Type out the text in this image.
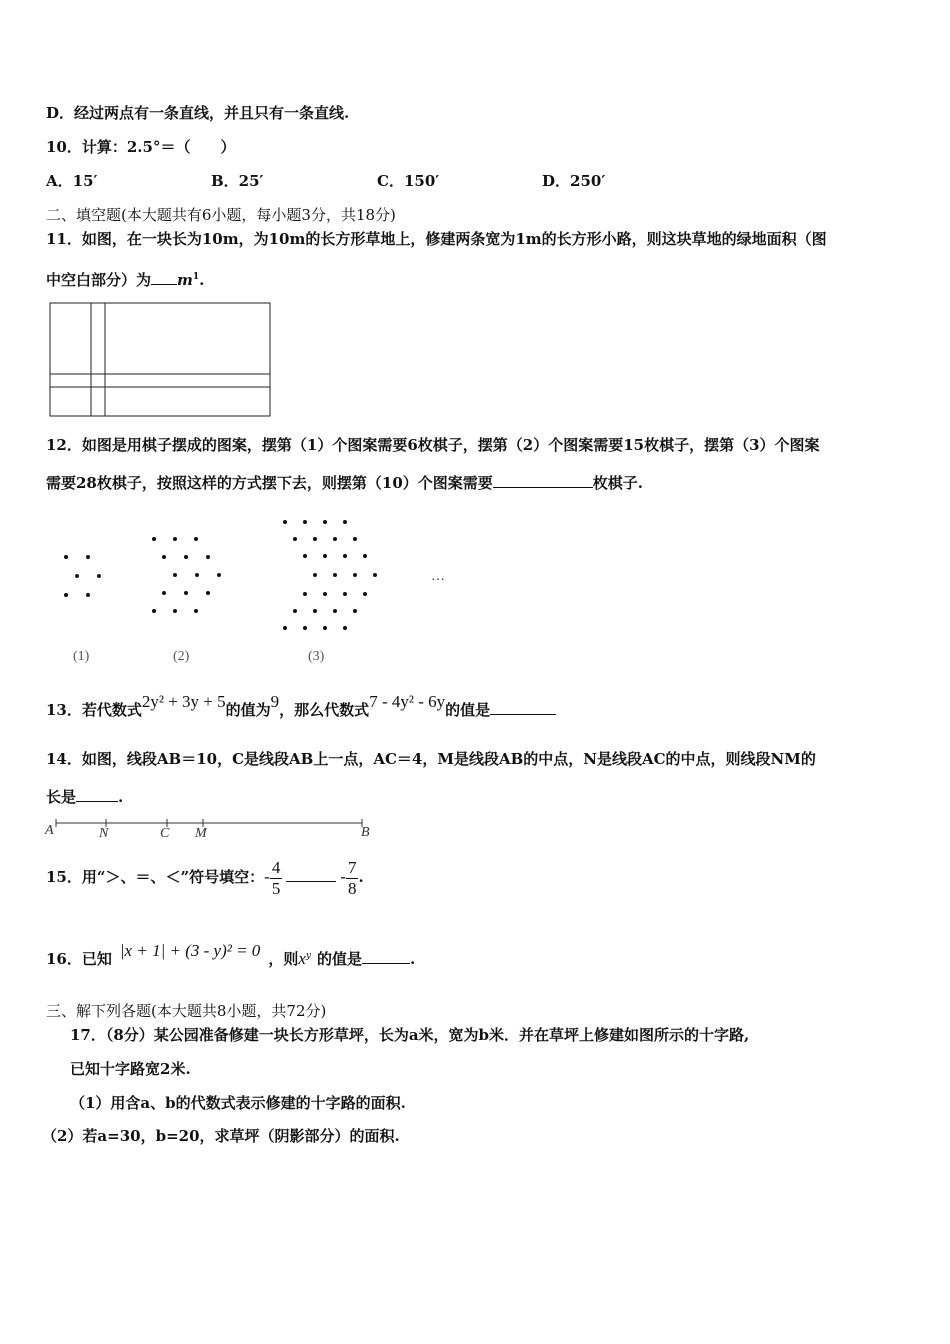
D．经过两点有一条直线，并且只有一条直线.
10．计算：2.5°＝（　　）
A．15′	B．25′	C．150′	D．250′
二、填空题(本大题共有6小题，每小题3分，共18分)
11．如图，在一块长为10m，为10m的长方形草地上，修建两条宽为1m的长方形小路，则这块草地的绿地面积（图
中空白部分）为 $m^1$.
12．如图是用棋子摆成的图案，摆第（1）个图案需要6枚棋子，摆第（2）个图案需要15枚棋子，摆第（3）个图案
需要28枚棋子，按照这样的方式摆下去，则摆第（10）个图案需要	枚棋子.
…
(1)	(2)	(3)
13．若代数式2y² + 3y + 5的值为9，那么代数式7 - 4y² - 6y的值是
14．如图，线段AB＝10，C是线段AB上一点，AC＝4，M是线段AB的中点，N是线段AC的中点，则线段NM的
长是	.
A	N	C M	B
15．用“＞、＝、＜”符号填空：- $\frac{4}{5}$	- $\frac{7}{8}$ .
16．已知 |x + 1| + (3 - y)² = 0 ，则$x^y$ 的值是	.
三、解下列各题(本大题共8小题，共72分)
17．（8分）某公园准备修建一块长方形草坪，长为a米，宽为b米．并在草坪上修建如图所示的十字路,
已知十字路宽2米.
（1）用含a、b的代数式表示修建的十字路的面积.
（2）若a=30，b=20，求草坪（阴影部分）的面积.
